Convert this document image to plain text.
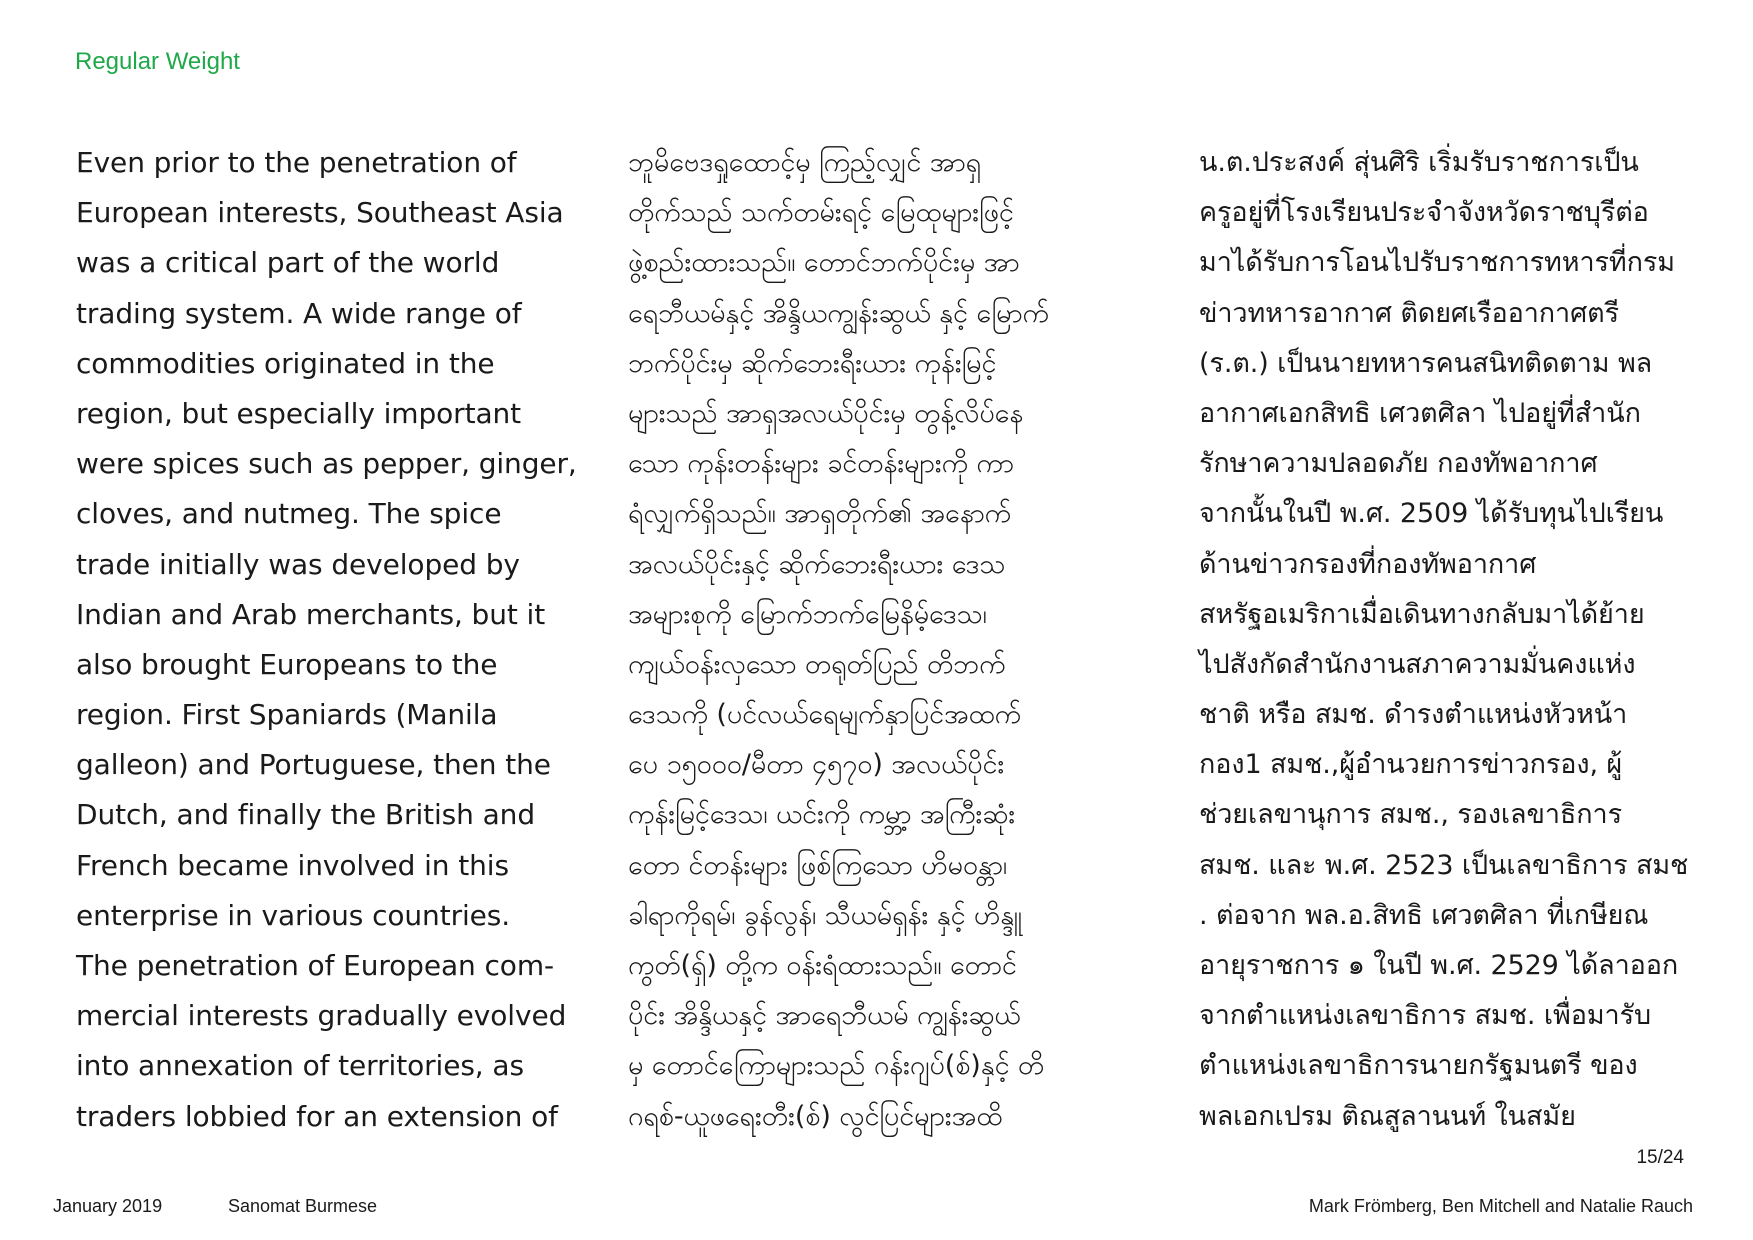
Regular Weight
Even prior to the penetration of
European interests, Southeast Asia
was a critical part of the world
trading system. A wide range of
commodities originated in the
region, but especially important
were spices such as pepper, ginger,
cloves, and nutmeg. The spice
trade initially was developed by
Indian and Arab merchants, but it
also brought Europeans to the
region. First Spaniards (Manila
galleon) and Portuguese, then the
Dutch, and finally the British and
French became involved in this
enterprise in various countries.
The penetration of European com-
mercial interests gradually evolved
into annexation of territories, as
traders lobbied for an extension of
ဘူမိဗေဒရှုထောင့်မှ ကြည့်လျှင် အာရှ
တိုက်သည် သက်တမ်းရင့် မြေထုများဖြင့်
ဖွဲ့စည်းထားသည်။ တောင်ဘက်ပိုင်းမှ အာ
ရေဘီယမ်နှင့် အိန္ဒိယကျွန်းဆွယ် နှင့် မြောက်
ဘက်ပိုင်းမှ ဆိုက်ဘေးရီးယား ကုန်းမြင့်
များသည် အာရှအလယ်ပိုင်းမှ တွန့်လိပ်နေ
သော ကုန်းတန်းများ ခင်တန်းများကို ကာ
ရံလျှက်ရှိသည်။ အာရှတိုက်၏ အနောက်
အလယ်ပိုင်းနှင့် ဆိုက်ဘေးရီးယား ဒေသ
အများစုကို မြောက်ဘက်မြေနိမ့်ဒေသ၊
ကျယ်ဝန်းလှသော တရုတ်ပြည် တိဘက်
ဒေသကို (ပင်လယ်ရေမျက်နှာပြင်အထက်
ပေ ၁၅၀၀၀/မီတာ ၄၅၇၀) အလယ်ပိုင်း
ကုန်းမြင့်ဒေသ၊ ယင်းကို ကမ္ဘာ့ အကြီးဆုံး
တော င်တန်းများ ဖြစ်ကြသော ဟိမဝန္တာ၊
ခါရာကိုရမ်၊ ခွန်လွန်၊ သီယမ်ရှန်း နှင့် ဟိန္ဒူ
ကွတ်(ရှ်) တို့က ဝန်းရံထားသည်။ တောင်
ပိုင်း အိန္ဒိယနှင့် အာရေဘီယမ် ကျွန်းဆွယ်
မှ တောင်ကြောများသည် ဂန်းဂျပ်(စ်)နှင့် တိ
ဂရစ်-ယူဖရေးတီး(စ်) လွင်ပြင်များအထိ
น.ต.ประสงค์ สุ่นศิริ เริ่มรับราชการเป็น
ครูอยู่ที่โรงเรียนประจำจังหวัดราชบุรีต่อ
มาได้รับการโอนไปรับราชการทหารที่กรม
ข่าวทหารอากาศ ติดยศเรืออากาศตรี
(ร.ต.) เป็นนายทหารคนสนิทติดตาม พล
อากาศเอกสิทธิ เศวตศิลา ไปอยู่ที่สำนัก
รักษาความปลอดภัย กองทัพอากาศ
จากนั้นในปี พ.ศ. 2509 ได้รับทุนไปเรียน
ด้านข่าวกรองที่กองทัพอากาศ
สหรัฐอเมริกาเมื่อเดินทางกลับมาได้ย้าย
ไปสังกัดสำนักงานสภาความมั่นคงแห่ง
ชาติ หรือ สมช. ดำรงตำแหน่งหัวหน้า
กอง1 สมช.,ผู้อำนวยการข่าวกรอง, ผู้
ช่วยเลขานุการ สมช., รองเลขาธิการ
สมช. และ พ.ศ. 2523 เป็นเลขาธิการ สมช
. ต่อจาก พล.อ.สิทธิ เศวตศิลา ที่เกษียณ
อายุราชการ ๑ ในปี พ.ศ. 2529 ได้ลาออก
จากตำแหน่งเลขาธิการ สมช. เพื่อมารับ
ตำแหน่งเลขาธิการนายกรัฐมนตรี ของ
พลเอกเปรม ติณสูลานนท์ ในสมัย
15/24
January 2019	Sanomat Burmese	Mark Frömberg, Ben Mitchell and Natalie Rauch
